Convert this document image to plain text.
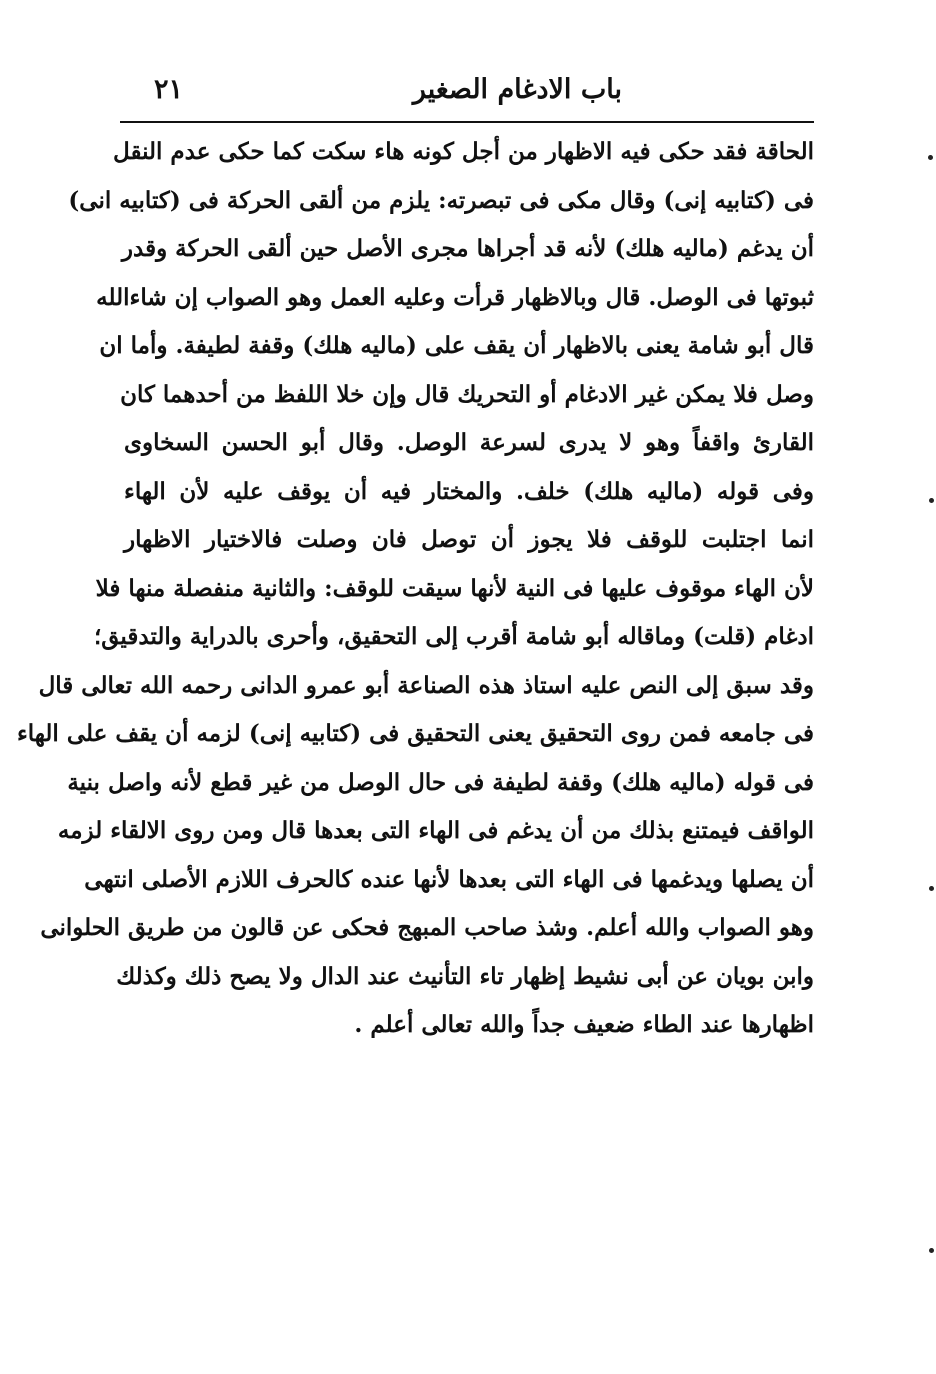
باب الادغام الصغير
٢١
الحاقة فقد حكى فيه الاظهار من أجل كونه هاء سكت كما حكى عدم النقل
فى (كتابيه إنى) وقال مكى فى تبصرته: يلزم من ألقى الحركة فى (كتابيه انى)
أن يدغم (ماليه هلك) لأنه قد أجراها مجرى الأصل حين ألقى الحركة وقدر
ثبوتها فى الوصل. قال وبالاظهار قرأت وعليه العمل وهو الصواب إن شاءالله
قال أبو شامة يعنى بالاظهار أن يقف على (ماليه هلك) وقفة لطيفة. وأما ان
وصل فلا يمكن غير الادغام أو التحريك قال وإن خلا اللفظ من أحدهما كان
القارئ واقفاً وهو لا يدرى لسرعة الوصل. وقال أبو الحسن السخاوى
وفى قوله (ماليه هلك) خلف. والمختار فيه أن يوقف عليه لأن الهاء
انما اجتلبت للوقف فلا يجوز أن توصل فان وصلت فالاختيار الاظهار
لأن الهاء موقوف عليها فى النية لأنها سيقت للوقف: والثانية منفصلة منها فلا
ادغام (قلت) وماقاله أبو شامة أقرب إلى التحقيق، وأحرى بالدراية والتدقيق؛
وقد سبق إلى النص عليه استاذ هذه الصناعة أبو عمرو الدانى رحمه الله تعالى قال
فى جامعه فمن روى التحقيق يعنى التحقيق فى (كتابيه إنى) لزمه أن يقف على الهاء
فى قوله (ماليه هلك) وقفة لطيفة فى حال الوصل من غير قطع لأنه واصل بنية
الواقف فيمتنع بذلك من أن يدغم فى الهاء التى بعدها قال ومن روى الالقاء لزمه
أن يصلها ويدغمها فى الهاء التى بعدها لأنها عنده كالحرف اللازم الأصلى انتهى
وهو الصواب والله أعلم. وشذ صاحب المبهج فحكى عن قالون من طريق الحلوانى
وابن بويان عن أبى نشيط إظهار تاء التأنيث عند الدال ولا يصح ذلك وكذلك
اظهارها عند الطاء ضعيف جداً والله تعالى أعلم .
